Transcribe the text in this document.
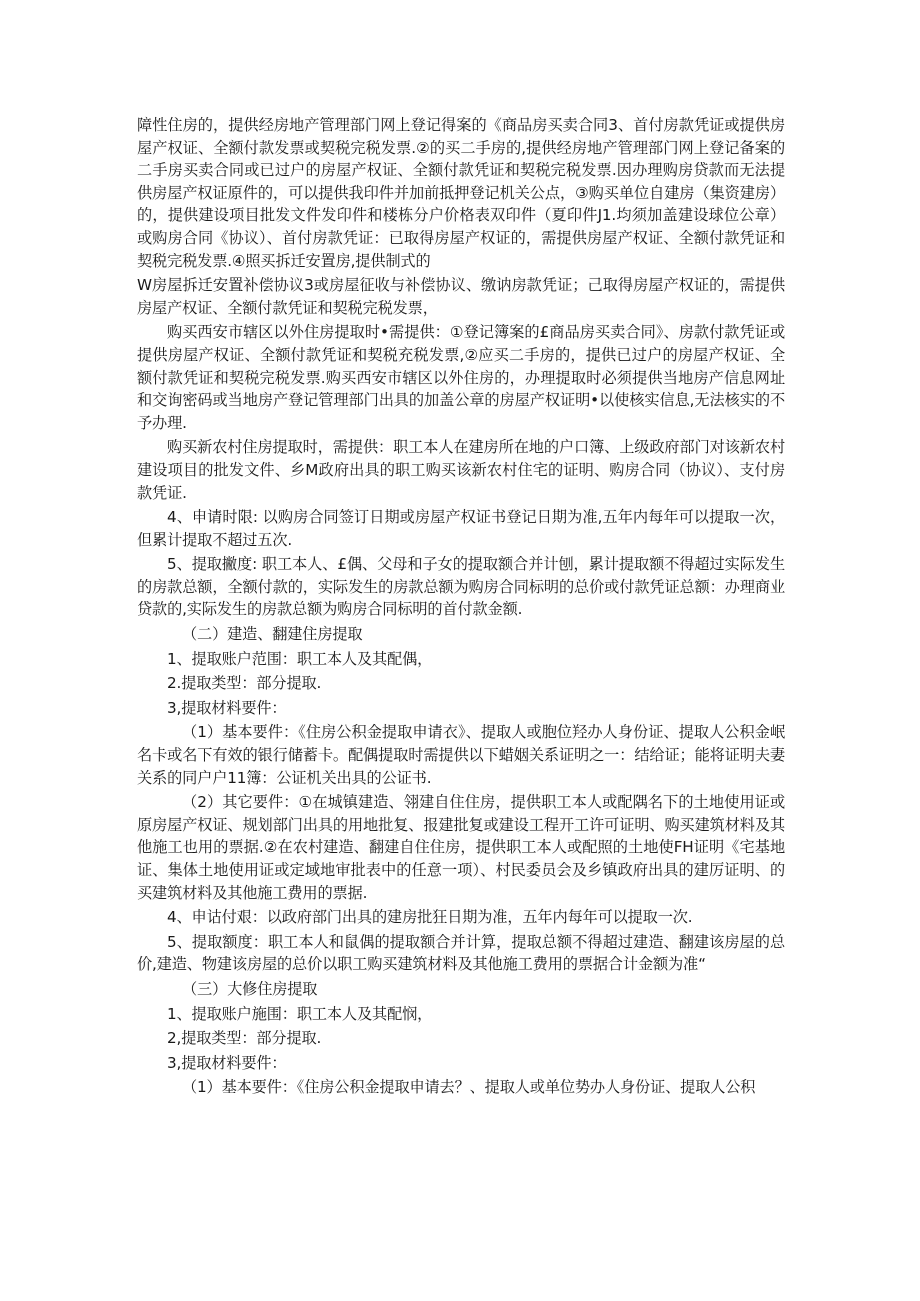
障性住房的，提供经房地产管理部门网上登记得案的《商品房买卖合同3、首付房款凭证或提供房屋产权证、全额付款发票或契税完税发票.②的买二手房的,提供经房地产管理部门网上登记备案的二手房买卖合同或已过户的房屋产权证、全额付款凭证和契税完税发票.因办理购房贷款而无法提供房屋产权证原件的，可以提供我印件并加前抵押登记机关公点，③购买单位自建房（集资建房）的，提供建设项目批发文件发印件和楼栋分户价格表双印件（夏印件J1.均须加盖建设球位公章）或购房合同《协议）、首付房款凭证：已取得房屋产权证的，需提供房屋产权证、全额付款凭证和契税完税发票.④照买拆迁安置房,提供制式的

W房屋拆迁安置补偿协议3或房屋征收与补偿协议、缴讷房款凭证；己取得房屋产权证的，需提供房屋产权证、全额付款凭证和契税完税发票，

购买西安市辖区以外住房提取时•需提供：①登记簿案的£商品房买卖合同》、房款付款凭证或提供房屋产权证、全额付款凭证和契税充税发票,②应买二手房的，提供已过户的房屋产权证、全额付款凭证和契税完税发票.购买西安市辖区以外住房的，办理提取时必须提供当地房产信息网址和交询密码或当地房产登记管理部门出具的加盖公章的房屋产权证明•以使核实信息,无法核实的不予办理.

购买新农村住房提取时，需提供：职工本人在建房所在地的户口簿、上级政府部门对该新农村建设项目的批发文件、乡M政府出具的职工购买该新农村住宅的证明、购房合同（协议）、支付房款凭证.

4、申请时限: 以购房合同签订日期或房屋产权证书登记日期为准,五年内每年可以提取一次，但累计提取不超过五次.

5、提取撇度: 职工本人、£偶、父母和子女的提取额合并计刨，累计提取额不得超过实际发生的房款总额，全额付款的，实际发生的房款总额为购房合同标明的总价或付款凭证总额：办理商业贷款的,实际发生的房款总额为购房合同标明的首付款金额.

（二）建造、翻建住房提取

1、提取账户范围：职工本人及其配偶，

2.提取类型：部分提取.

3,提取材料要件：

（1）基本要件：《住房公积金提取申请衣》、提取人或胞位羟办人身份证、提取人公积金岷名卡或名下有效的银行储蓄卡。配偶提取时需提供以下蜡姻关系证明之一：结给证；能将证明夫妻关系的同户户11簿：公证机关出具的公证书.

（2）其它要件：①在城镇建造、翎建自住住房，提供职工本人或配隅名下的土地使用证或原房屋产权证、规划部门出具的用地批复、报建批复或建设工程开工许可证明、购买建筑材料及其他施工也用的票据.②在农村建造、翻建自住住房，提供职工本人或配照的土地使FH证明《宅基地证、集体土地使用证或定域地审批表中的任意一项）、村民委员会及乡镇政府出具的建厉证明、的买建筑材料及其他施工费用的票据.

4、申诂付艰：以政府部门出具的建房批狂日期为准，五年内每年可以提取一次.

5、提取额度：职工本人和鼠偶的提取额合并计算，提取总额不得超过建造、翻建该房屋的总价,建造、物建该房屋的总价以职工购买建筑材料及其他施工费用的票据合计金额为准“

（三）大修住房提取

1、提取账户施围：职工本人及其配悯，

2,提取类型：部分提取.

3,提取材料要件：

（1）基本要件：《住房公积金提取申请去？、提取人或单位势办人身份证、提取人公积
